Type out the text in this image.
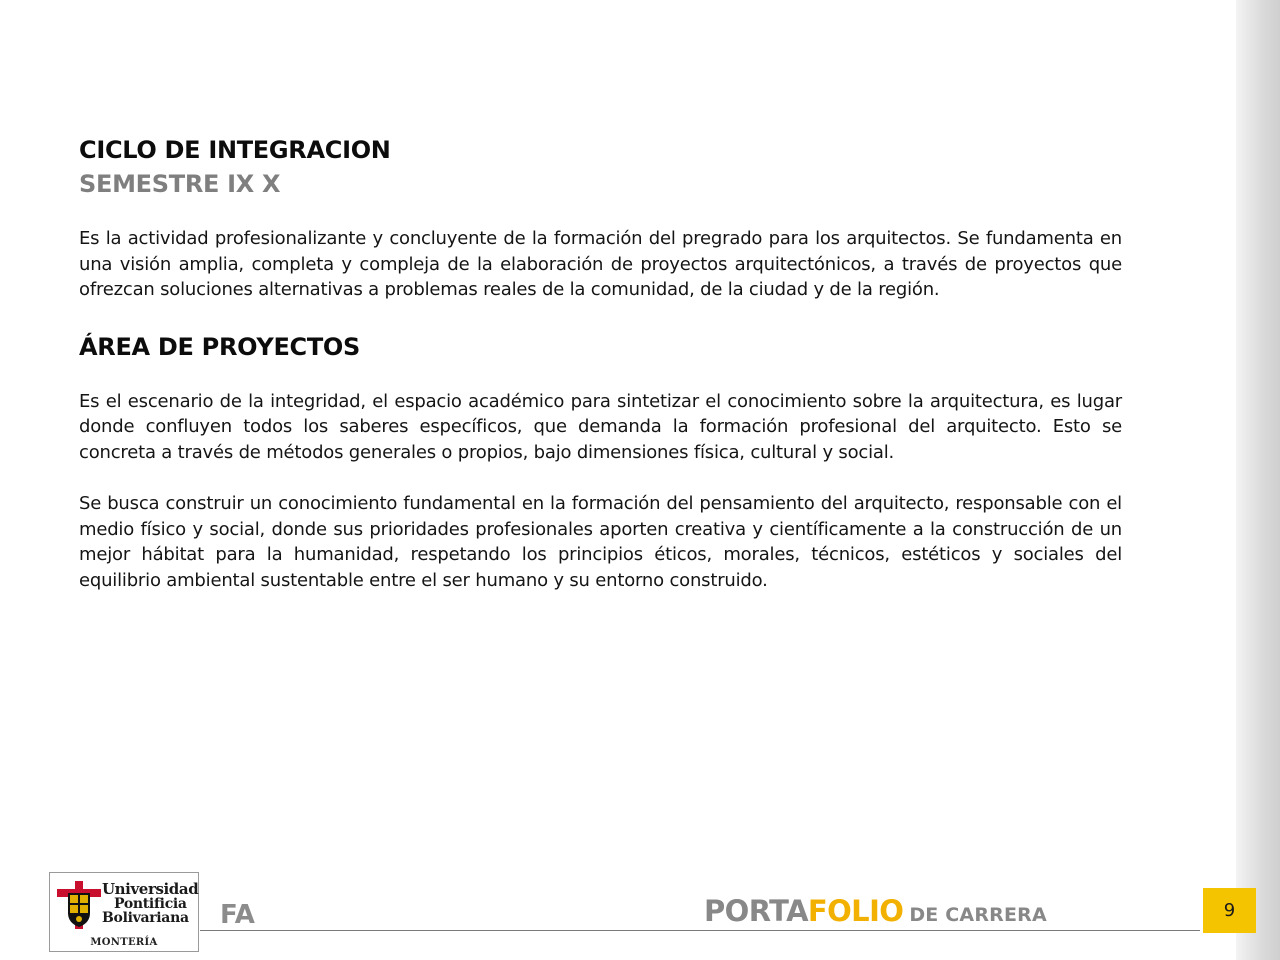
CICLO DE INTEGRACION
SEMESTRE IX X

Es la actividad profesionalizante y concluyente de la formación del pregrado para los arquitectos. Se fundamenta en una visión amplia, completa y compleja de la elaboración de proyectos arquitectónicos, a través de proyectos que ofrezcan soluciones alternativas a problemas reales de la comunidad, de la ciudad y de la región.

ÁREA DE PROYECTOS

Es el escenario de la integridad, el espacio académico para sintetizar el conocimiento sobre la arquitectura, es lugar donde confluyen todos los saberes específicos, que demanda la formación profesional del arquitecto. Esto se concreta a través de métodos generales o propios, bajo dimensiones física, cultural y social.

Se busca construir un conocimiento fundamental en la formación del pensamiento del arquitecto, responsable con el medio físico y social, donde sus prioridades profesionales aporten creativa y científicamente a la construcción de un mejor hábitat para la humanidad, respetando los principios éticos, morales, técnicos, estéticos y sociales del equilibrio ambiental sustentable entre el ser humano y su entorno construido.

Universidad
Pontificia
Bolivariana
MONTERÍA
FA	PORTAFOLIO DE CARRERA	9
